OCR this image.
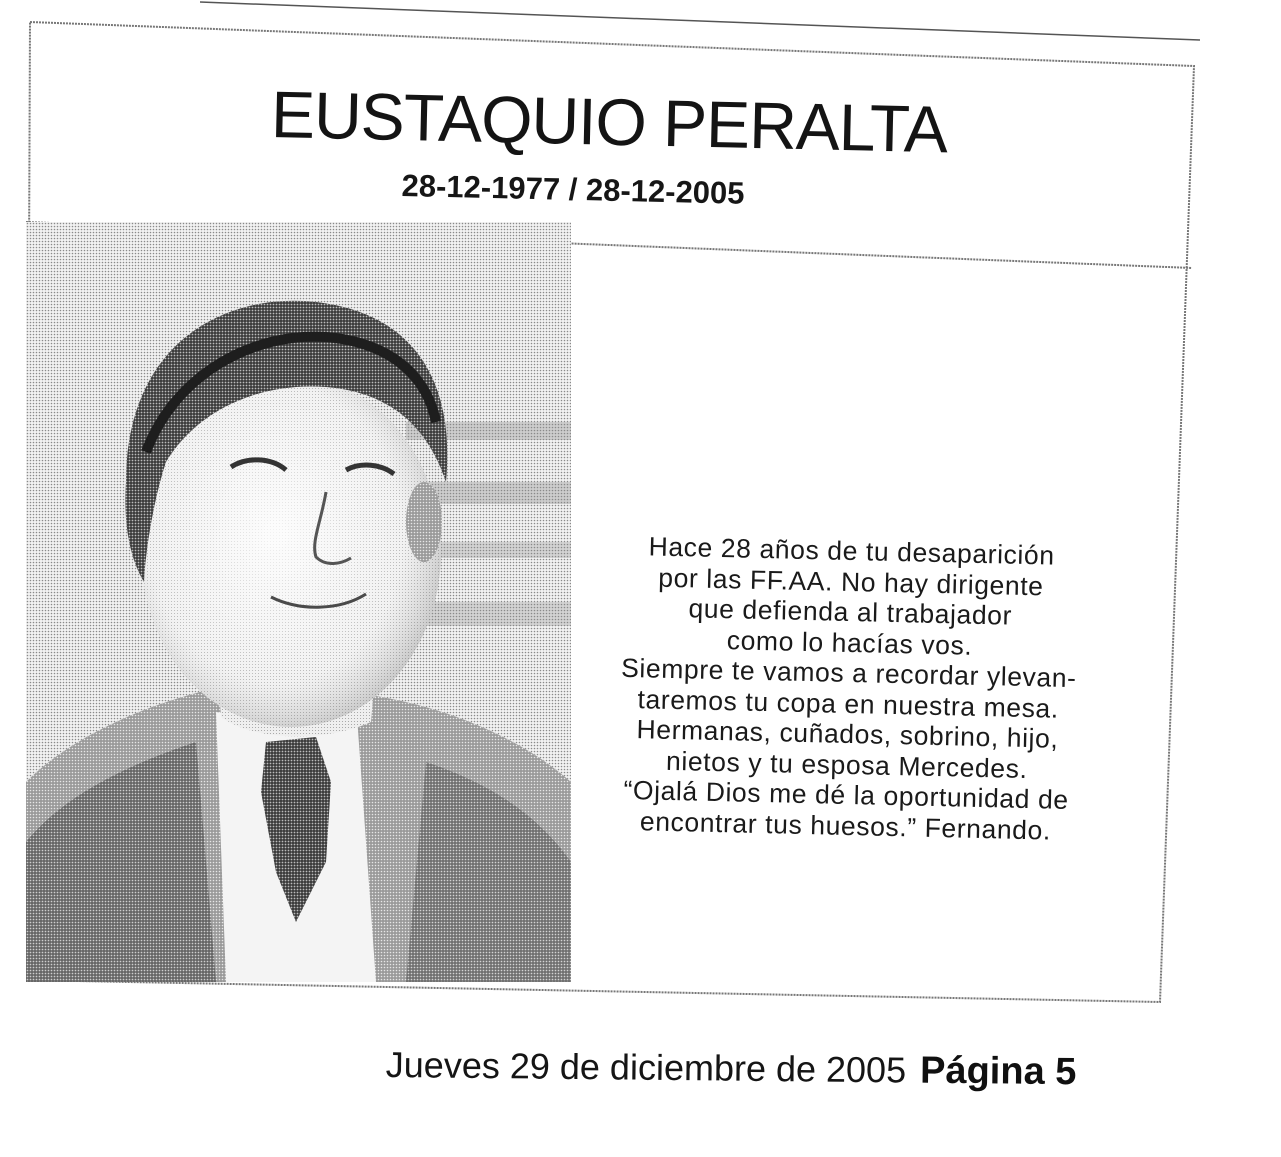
EUSTAQUIO PERALTA
28-12-1977 / 28-12-2005
Hace 28 años de tu desaparición
por las FF.AA. No hay dirigente
que defienda al trabajador
como lo hacías vos.
Siempre te vamos a recordar ylevan-
taremos tu copa en nuestra mesa.
Hermanas, cuñados, sobrino, hijo,
nietos y tu esposa Mercedes.
“Ojalá Dios me dé la oportunidad de
encontrar tus huesos.” Fernando.
Jueves 29 de diciembre de 2005 Página 5
